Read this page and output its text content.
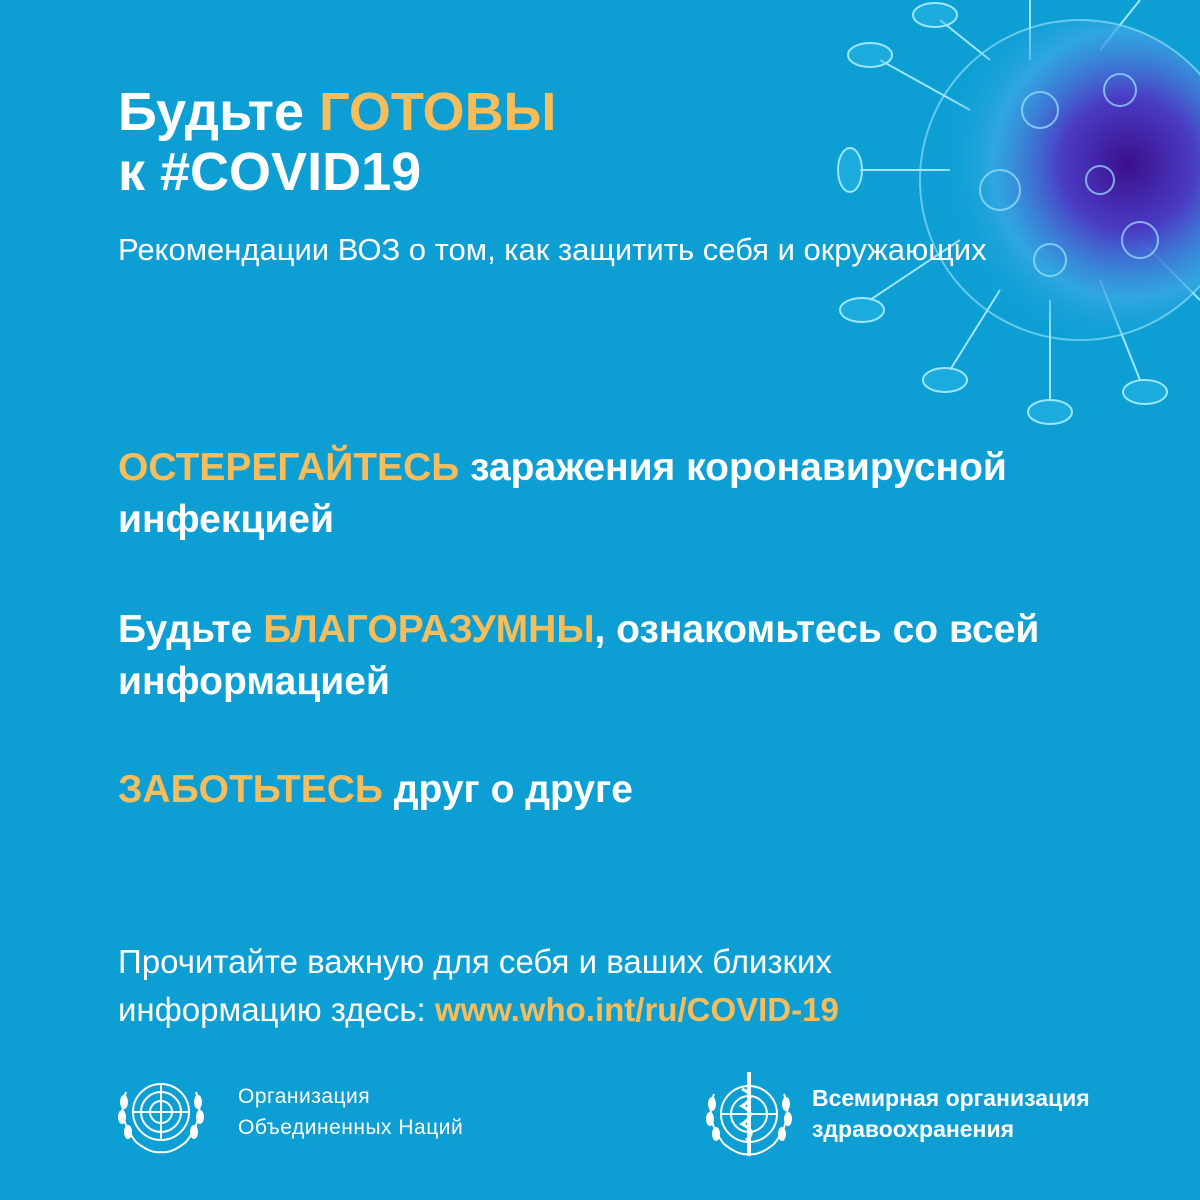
Будьте ГОТОВЫ
к #COVID19

Рекомендации ВОЗ о том, как защитить себя и окружающих

ОСТЕРЕГАЙТЕСЬ заражения коронавирусной инфекцией

Будьте БЛАГОРАЗУМНЫ, ознакомьтесь со всей информацией

ЗАБОТЬТЕСЬ друг о друге

Прочитайте важную для себя и ваших близких
информацию здесь: www.who.int/ru/COVID-19

Организация
Объединенных Наций
Всемирная организация
здравоохранения
